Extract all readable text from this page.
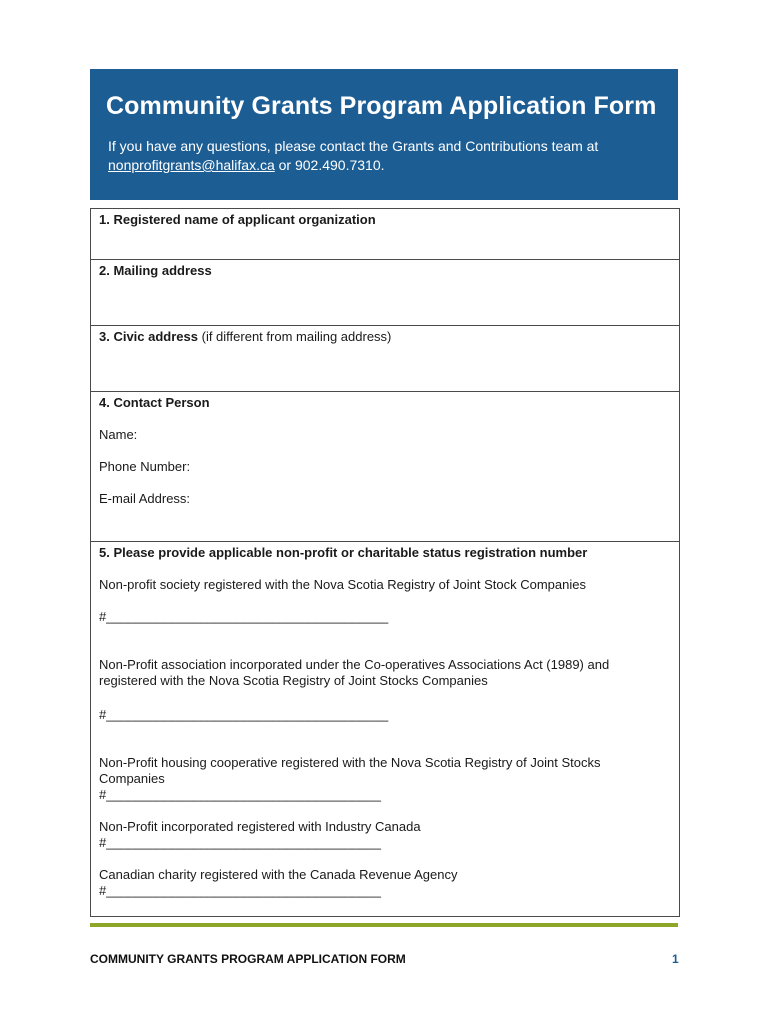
Community Grants Program Application Form
If you have any questions, please contact the Grants and Contributions team at
nonprofitgrants@halifax.ca or 902.490.7310.
1. Registered name of applicant organization
2. Mailing address
3. Civic address (if different from mailing address)
4. Contact Person
Name:
Phone Number:
E-mail Address:
5. Please provide applicable non-profit or charitable status registration number
Non-profit society registered with the Nova Scotia Registry of Joint Stock Companies
#_______________________________________
Non-Profit association incorporated under the Co-operatives Associations Act (1989) and
registered with the Nova Scotia Registry of Joint Stocks Companies
#_______________________________________
Non-Profit housing cooperative registered with the Nova Scotia Registry of Joint Stocks
Companies
#______________________________________
Non-Profit incorporated registered with Industry Canada
#______________________________________
Canadian charity registered with the Canada Revenue Agency
#______________________________________
COMMUNITY GRANTS PROGRAM APPLICATION FORM	1
